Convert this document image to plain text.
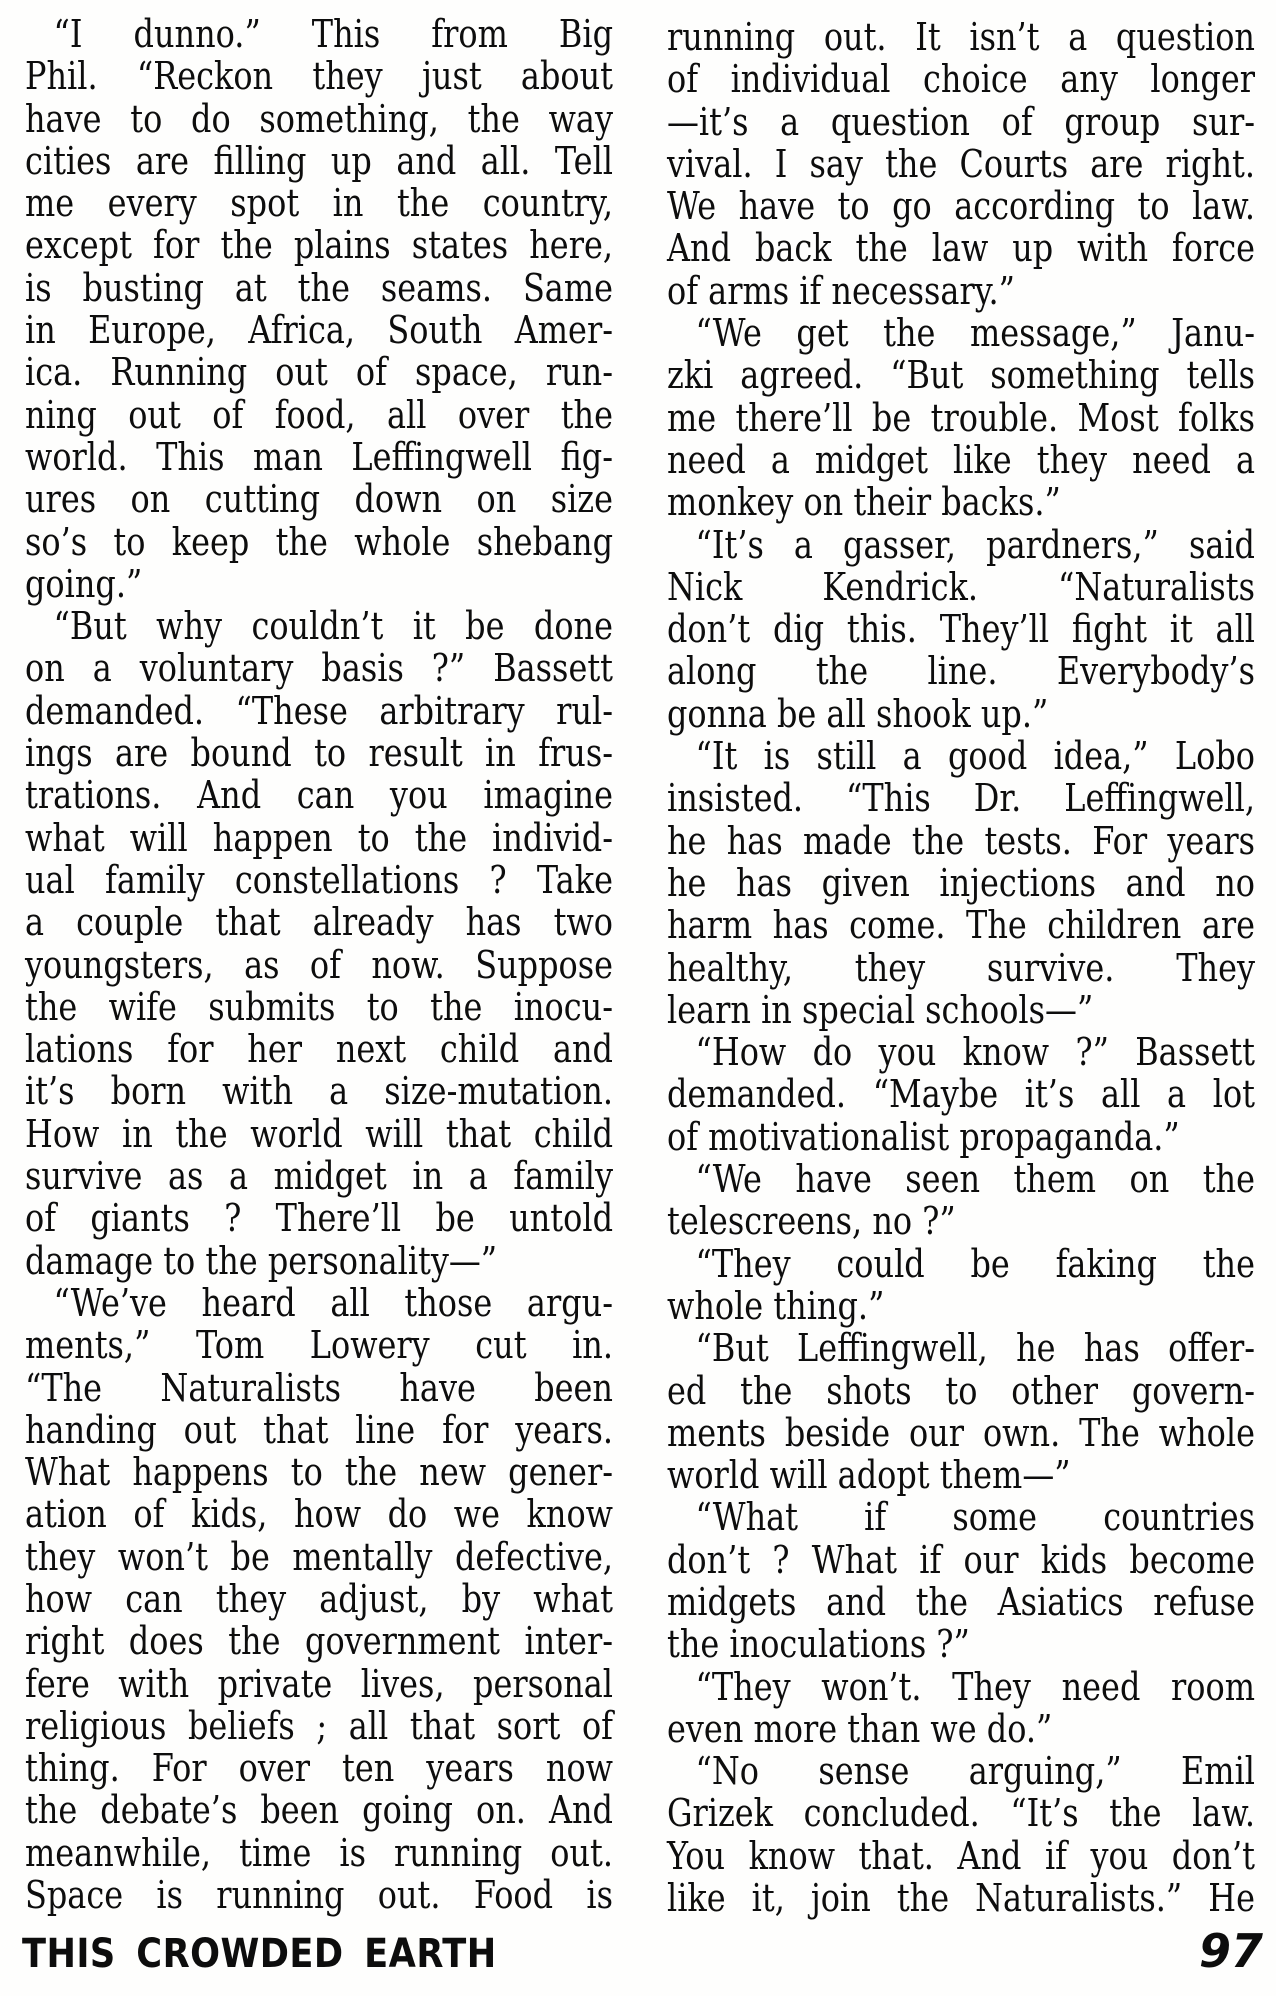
“I dunno.” This from Big
Phil. “Reckon they just about
have to do something, the way
cities are filling up and all. Tell
me every spot in the country,
except for the plains states here,
is busting at the seams. Same
in Europe, Africa, South Amer-
ica. Running out of space, run-
ning out of food, all over the
world. This man Leffingwell fig-
ures on cutting down on size
so’s to keep the whole shebang
going.”
“But why couldn’t it be done
on a voluntary basis ?” Bassett
demanded. “These arbitrary rul-
ings are bound to result in frus-
trations. And can you imagine
what will happen to the individ-
ual family constellations ? Take
a couple that already has two
youngsters, as of now. Suppose
the wife submits to the inocu-
lations for her next child and
it’s born with a size-mutation.
How in the world will that child
survive as a midget in a family
of giants ? There’ll be untold
damage to the personality—”
“We’ve heard all those argu-
ments,” Tom Lowery cut in.
“The Naturalists have been
handing out that line for years.
What happens to the new gener-
ation of kids, how do we know
they won’t be mentally defective,
how can they adjust, by what
right does the government inter-
fere with private lives, personal
religious beliefs ; all that sort of
thing. For over ten years now
the debate’s been going on. And
meanwhile, time is running out.
Space is running out. Food is
running out. It isn’t a question
of individual choice any longer
—it’s a question of group sur-
vival. I say the Courts are right.
We have to go according to law.
And back the law up with force
of arms if necessary.”
“We get the message,” Janu-
zki agreed. “But something tells
me there’ll be trouble. Most folks
need a midget like they need a
monkey on their backs.”
“It’s a gasser, pardners,” said
Nick Kendrick. “Naturalists
don’t dig this. They’ll fight it all
along the line. Everybody’s
gonna be all shook up.”
“It is still a good idea,” Lobo
insisted. “This Dr. Leffingwell,
he has made the tests. For years
he has given injections and no
harm has come. The children are
healthy, they survive. They
learn in special schools—”
“How do you know ?” Bassett
demanded. “Maybe it’s all a lot
of motivationalist propaganda.”
“We have seen them on the
telescreens, no ?”
“They could be faking the
whole thing.”
“But Leffingwell, he has offer-
ed the shots to other govern-
ments beside our own. The whole
world will adopt them—”
“What if some countries
don’t ? What if our kids become
midgets and the Asiatics refuse
the inoculations ?”
“They won’t. They need room
even more than we do.”
“No sense arguing,” Emil
Grizek concluded. “It’s the law.
You know that. And if you don’t
like it, join the Naturalists.” He
THIS CROWDED EARTH	97
